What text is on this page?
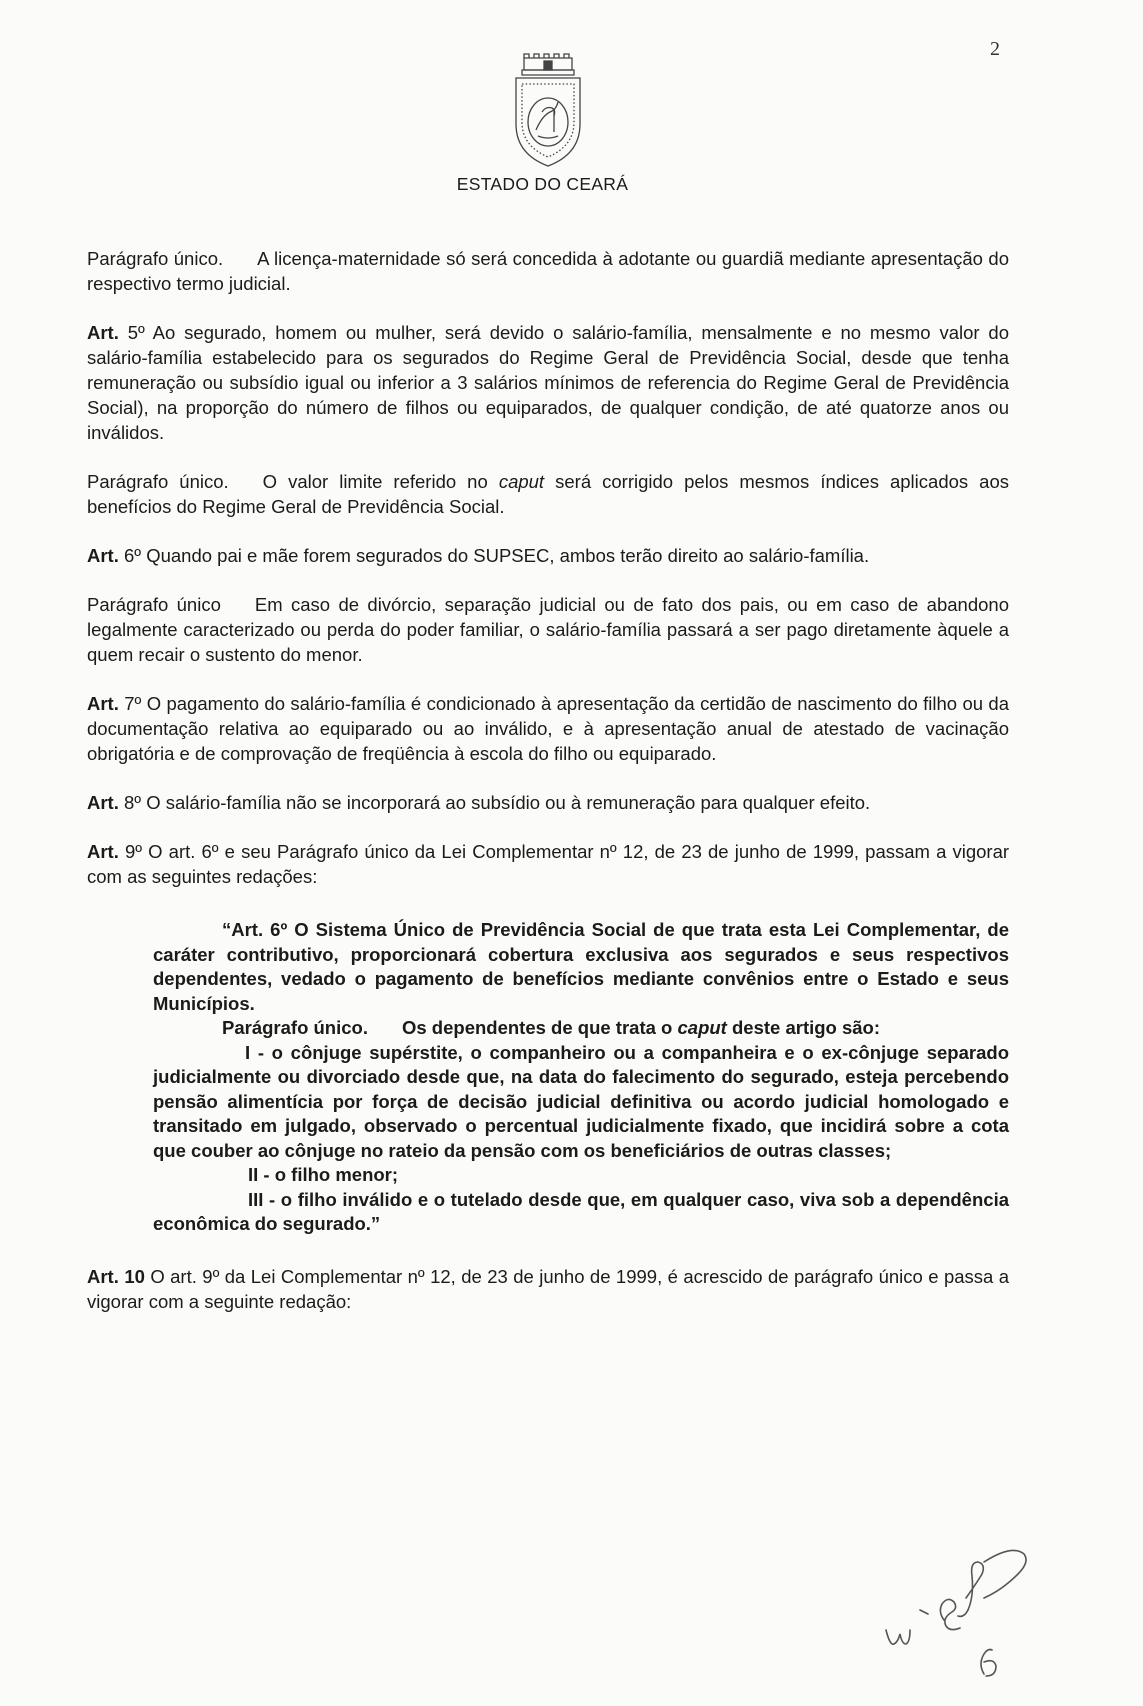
2
ESTADO DO CEARÁ

Parágrafo único. A licença-maternidade só será concedida à adotante ou guardiã mediante apresentação do respectivo termo judicial.

Art. 5º Ao segurado, homem ou mulher, será devido o salário-família, mensalmente e no mesmo valor do salário-família estabelecido para os segurados do Regime Geral de Previdência Social, desde que tenha remuneração ou subsídio igual ou inferior a 3 salários mínimos de referencia do Regime Geral de Previdência Social), na proporção do número de filhos ou equiparados, de qualquer condição, de até quatorze anos ou inválidos.

Parágrafo único. O valor limite referido no caput será corrigido pelos mesmos índices aplicados aos benefícios do Regime Geral de Previdência Social.

Art. 6º Quando pai e mãe forem segurados do SUPSEC, ambos terão direito ao salário-família.

Parágrafo único Em caso de divórcio, separação judicial ou de fato dos pais, ou em caso de abandono legalmente caracterizado ou perda do poder familiar, o salário-família passará a ser pago diretamente àquele a quem recair o sustento do menor.

Art. 7º O pagamento do salário-família é condicionado à apresentação da certidão de nascimento do filho ou da documentação relativa ao equiparado ou ao inválido, e à apresentação anual de atestado de vacinação obrigatória e de comprovação de freqüência à escola do filho ou equiparado.

Art. 8º O salário-família não se incorporará ao subsídio ou à remuneração para qualquer efeito.

Art. 9º O art. 6º e seu Parágrafo único da Lei Complementar nº 12, de 23 de junho de 1999, passam a vigorar com as seguintes redações:

“Art. 6º O Sistema Único de Previdência Social de que trata esta Lei Complementar, de caráter contributivo, proporcionará cobertura exclusiva aos segurados e seus respectivos dependentes, vedado o pagamento de benefícios mediante convênios entre o Estado e seus Municípios.

Parágrafo único. Os dependentes de que trata o caput deste artigo são:

I - o cônjuge supérstite, o companheiro ou a companheira e o ex-cônjuge separado judicialmente ou divorciado desde que, na data do falecimento do segurado, esteja percebendo pensão alimentícia por força de decisão judicial definitiva ou acordo judicial homologado e transitado em julgado, observado o percentual judicialmente fixado, que incidirá sobre a cota que couber ao cônjuge no rateio da pensão com os beneficiários de outras classes;

II - o filho menor;

III - o filho inválido e o tutelado desde que, em qualquer caso, viva sob a dependência econômica do segurado.”

Art. 10 O art. 9º da Lei Complementar nº 12, de 23 de junho de 1999, é acrescido de parágrafo único e passa a vigorar com a seguinte redação:
